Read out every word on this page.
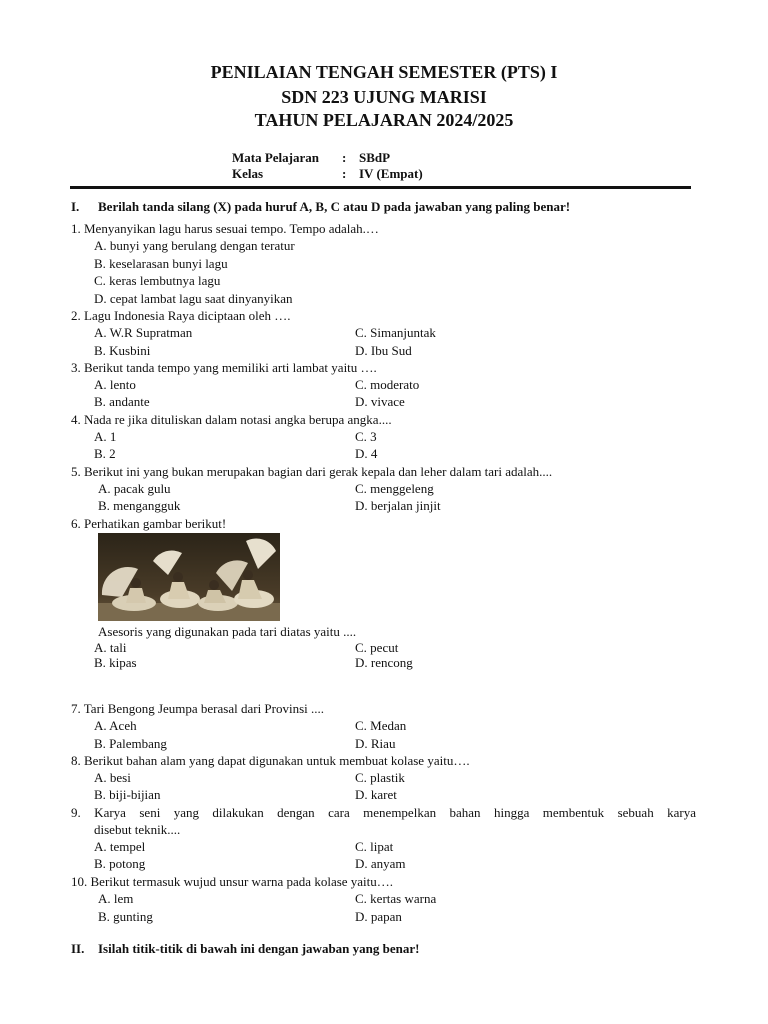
PENILAIAN TENGAH SEMESTER (PTS) I
SDN 223 UJUNG MARISI
TAHUN PELAJARAN 2024/2025
Mata Pelajaran : SBdP
Kelas	: IV (Empat)
I. Berilah tanda silang (X) pada huruf A, B, C atau D pada jawaban yang paling benar!
1. Menyanyikan lagu harus sesuai tempo. Tempo adalah.…
A. bunyi yang berulang dengan teratur
B. keselarasan bunyi lagu
C. keras lembutnya lagu
D. cepat lambat lagu saat dinyanyikan
2. Lagu Indonesia Raya diciptaan oleh ….
A. W.R Supratman	C. Simanjuntak
B. Kusbini	D. Ibu Sud
3. Berikut tanda tempo yang memiliki arti lambat yaitu ….
A. lento	C. moderato
B. andante	D. vivace
4. Nada re jika dituliskan dalam notasi angka berupa angka....
A. 1	C. 3
B. 2	D. 4
5. Berikut ini yang bukan merupakan bagian dari gerak kepala dan leher dalam tari adalah....
A. pacak gulu	C. menggeleng
B. mengangguk	D. berjalan jinjit
6. Perhatikan gambar berikut!
Asesoris yang digunakan pada tari diatas yaitu ....
A. tali	C. pecut
B. kipas	D. rencong
7. Tari Bengong Jeumpa berasal dari Provinsi ....
A. Aceh	C. Medan
B. Palembang	D. Riau
8. Berikut bahan alam yang dapat digunakan untuk membuat kolase yaitu….
A. besi	C. plastik
B. biji-bijian	D. karet
9. Karya seni yang dilakukan dengan cara menempelkan bahan hingga membentuk sebuah karya
disebut teknik....
A. tempel	C. lipat
B. potong	D. anyam
10. Berikut termasuk wujud unsur warna pada kolase yaitu….
A. lem	C. kertas warna
B. gunting	D. papan
II. Isilah titik-titik di bawah ini dengan jawaban yang benar!
